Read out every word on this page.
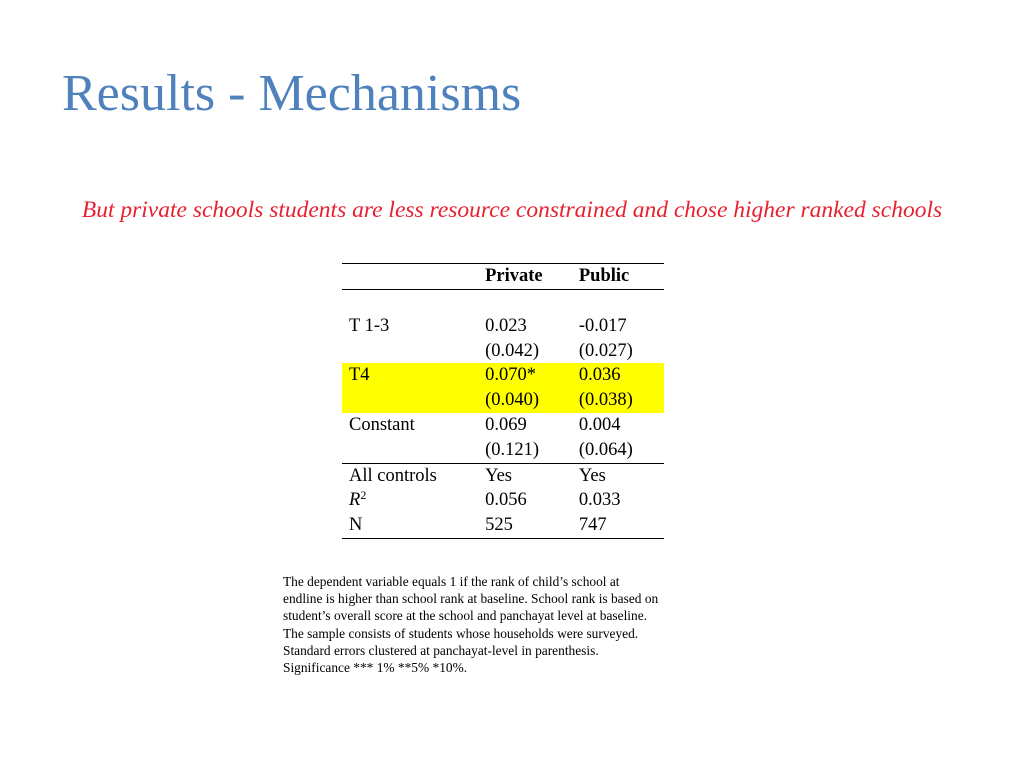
Results - Mechanisms

But private schools students are less resource constrained and chose higher ranked schools

	Private	Public

T 1-3	0.023	-0.017
	(0.042)	(0.027)
T4	0.070*	0.036
	(0.040)	(0.038)
Constant	0.069	0.004
	(0.121)	(0.064)
All controls	Yes	Yes
$R^2$	0.056	0.033
N	525	747
The dependent variable equals 1 if the rank of child’s school at
endline is higher than school rank at baseline. School rank is based on
student’s overall score at the school and panchayat level at baseline.
The sample consists of students whose households were surveyed.
Standard errors clustered at panchayat-level in parenthesis.
Significance *** 1% **5% *10%.
